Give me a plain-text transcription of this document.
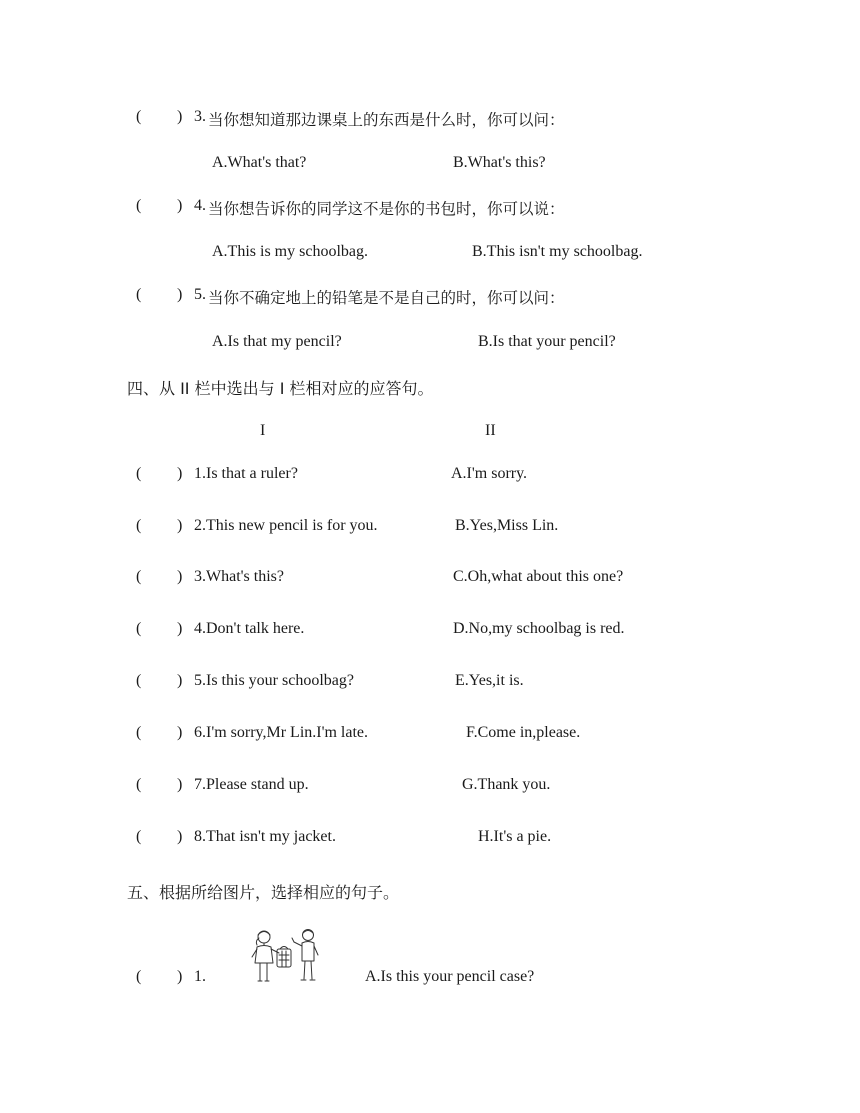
( ) 3. 当你想知道那边课桌上的东西是什么时，你可以问：
A.What's that?	B.What's this?
( ) 4. 当你想告诉你的同学这不是你的书包时，你可以说：
A.This is my schoolbag.	B.This isn't my schoolbag.
( ) 5. 当你不确定地上的铅笔是不是自己的时，你可以问：
A.Is that my pencil?	B.Is that your pencil?
四、从 II 栏中选出与 I 栏相对应的应答句。
I	II
( ) 1.Is that a ruler?	A.I'm sorry.
( ) 2.This new pencil is for you.	B.Yes,Miss Lin.
( ) 3.What's this?	C.Oh,what about this one?
( ) 4.Don't talk here.	D.No,my schoolbag is red.
( ) 5.Is this your schoolbag?	E.Yes,it is.
( ) 6.I'm sorry,Mr Lin.I'm late.	F.Come in,please.
( ) 7.Please stand up.	G.Thank you.
( ) 8.That isn't my jacket.	H.It's a pie.
五、根据所给图片，选择相应的句子。
( ) 1.	A.Is this your pencil case?
